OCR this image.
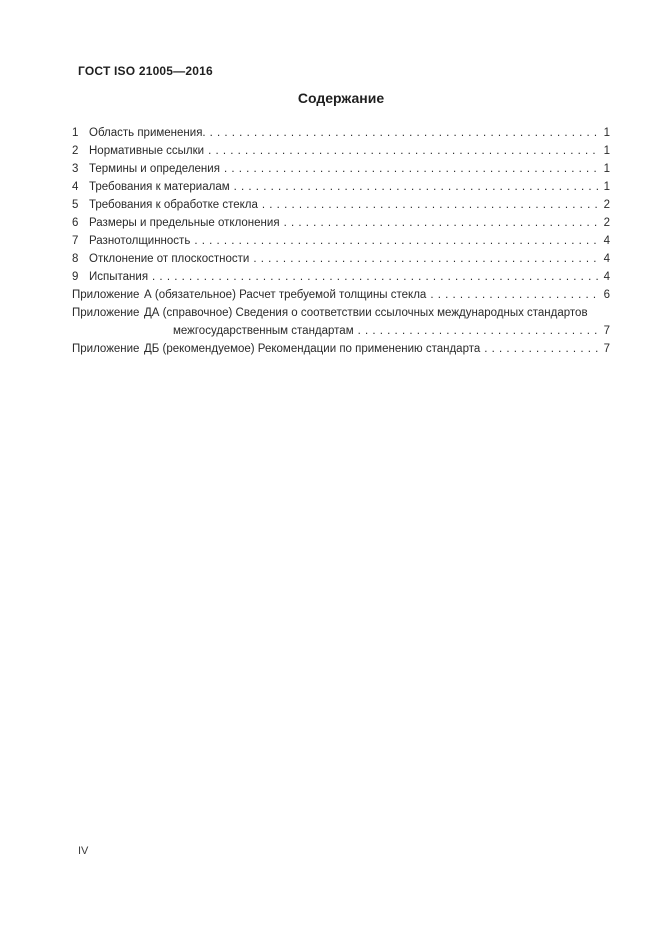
ГОСТ ISO 21005—2016
Содержание
1 Область применения. . . .	1
2 Нормативные ссылки . . .	1
3 Термины и определения . . .	1
4 Требования к материалам . . .	1
5 Требования к обработке стекла . . .	2
6 Размеры и предельные отклонения . . .	2
7 Разнотолщинность . . .	4
8 Отклонение от плоскостности . . .	4
9 Испытания . . .	4
Приложение А (обязательное) Расчет требуемой толщины стекла . . .	6
Приложение ДА (справочное) Сведения о соответствии ссылочных международных стандартов
межгосударственным стандартам . . .	7
Приложение ДБ (рекомендуемое) Рекомендации по применению стандарта . . .	7
IV
